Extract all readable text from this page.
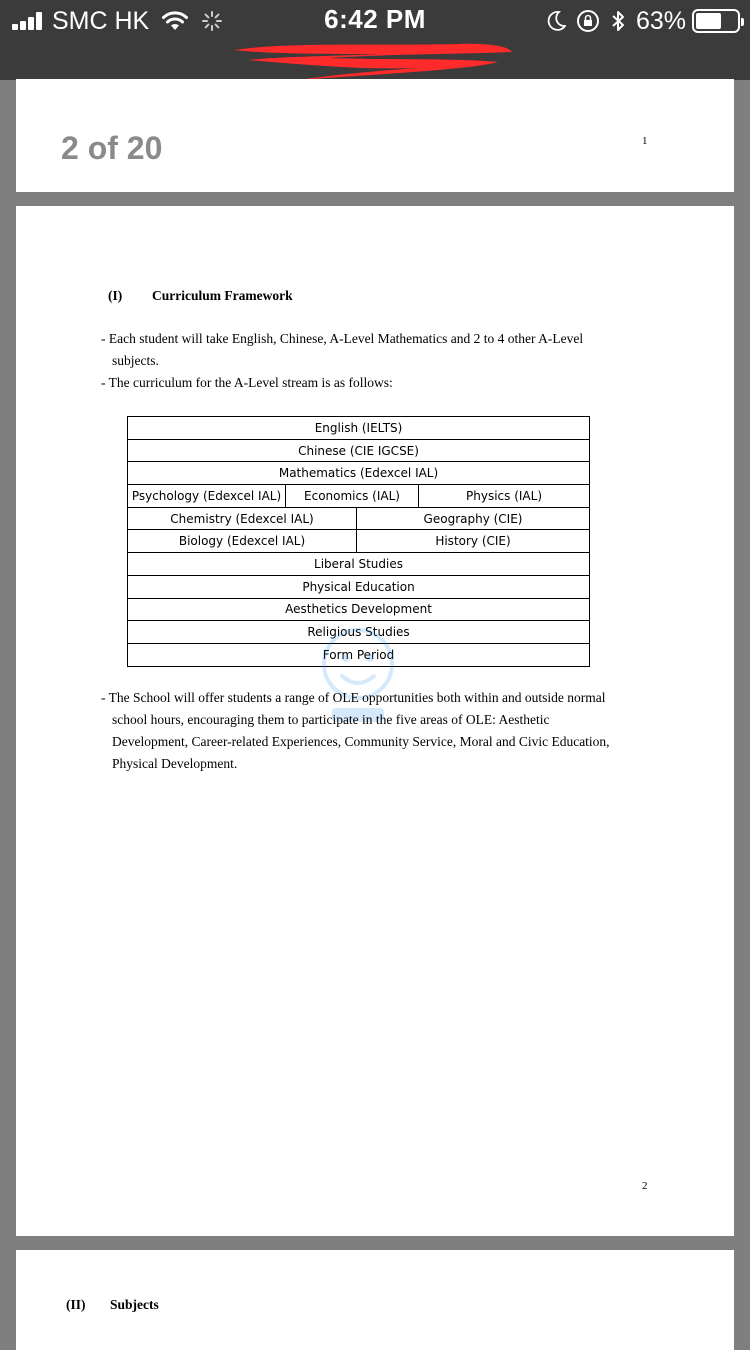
SMC HK	6:42 PM	63%
2 of 20	1
(I)	Curriculum Framework
- Each student will take English, Chinese, A-Level Mathematics and 2 to 4 other A-Level
subjects.
- The curriculum for the A-Level stream is as follows:
English (IELTS)			
Chinese (CIE IGCSE)			
Mathematics (Edexcel IAL)			
Psychology (Edexcel IAL)	Economics (IAL)		Physics (IAL)
Chemistry (Edexcel IAL)		Geography (CIE)	
Biology (Edexcel IAL)		History (CIE)	
Liberal Studies			
Physical Education			
Aesthetics Development			
Religious Studies			
Form Period			
- The School will offer students a range of OLE opportunities both within and outside normal
school hours, encouraging them to participate in the five areas of OLE: Aesthetic
Development, Career-related Experiences, Community Service, Moral and Civic Education,
Physical Development.
2
(II)	Subjects
